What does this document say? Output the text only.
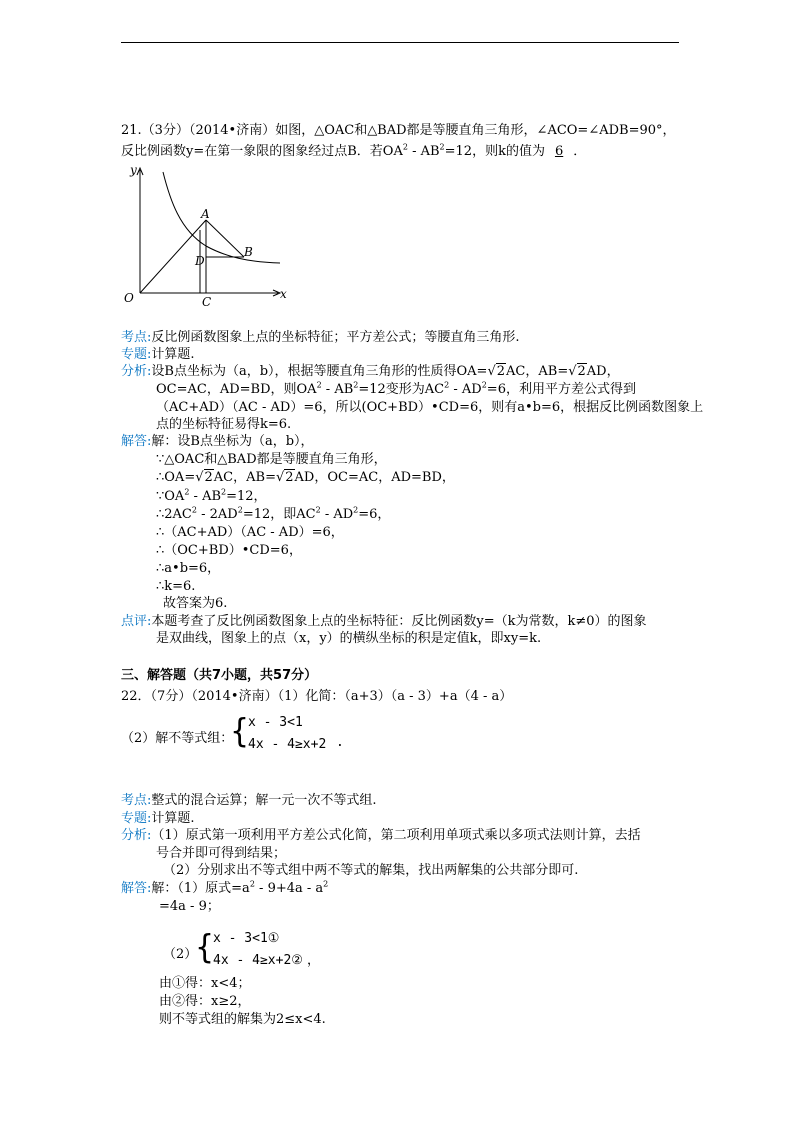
21.（3分）（2014•济南）如图，△OAC和△BAD都是等腰直角三角形，∠ACO=∠ADB=90°，
反比例函数y=在第一象限的图象经过点B．若$OA^2 - AB^2=12$，则k的值为 6 ．
y
x
O
A
B
C
D
考点:反比例函数图象上点的坐标特征；平方差公式；等腰直角三角形.
专题:计算题.
分析:设B点坐标为（a，b），根据等腰直角三角形的性质得OA=√2AC，AB=√2AD，
OC=AC，AD=BD，则$OA^2 - AB^2=12$变形为$AC^2 - AD^2=6$，利用平方差公式得到
（AC+AD）（AC - AD）=6，所以(OC+BD）•CD=6，则有a•b=6，根据反比例函数图象上
点的坐标特征易得k=6.
解答:解：设B点坐标为（a，b），
∵△OAC和△BAD都是等腰直角三角形，
∴OA=√2AC，AB=√2AD，OC=AC，AD=BD，
$\because OA^2 - AB^2=12$，
$\therefore 2AC^2 - 2AD^2=12$，即$AC^2 - AD^2=6$，
∴（AC+AD）（AC - AD）=6，
∴（OC+BD）•CD=6，
∴a•b=6，
∴k=6.
故答案为6.
点评:本题考查了反比例函数图象上点的坐标特征：反比例函数y=（k为常数，k≠0）的图象
是双曲线，图象上的点（x，y）的横纵坐标的积是定值k，即xy=k.
三、解答题（共7小题，共57分）
22．（7分）（2014•济南）（1）化简：（a+3）（a - 3）+a（4 - a）
（2）解不等式组：
{
x - 3<1
4x - 4≥x+2 .
考点:整式的混合运算；解一元一次不等式组.
专题:计算题.
分析:（1）原式第一项利用平方差公式化简，第二项利用单项式乘以多项式法则计算，去括
号合并即可得到结果；
（2）分别求出不等式组中两不等式的解集，找出两解集的公共部分即可.
解答:解：（1）原式$=a^2 - 9+4a - a^2$
=4a - 9；
（2）
{
x - 3<1①
4x - 4≥x+2② ，
由①得：x<4；
由②得：x≥2，
则不等式组的解集为2≤x<4.
